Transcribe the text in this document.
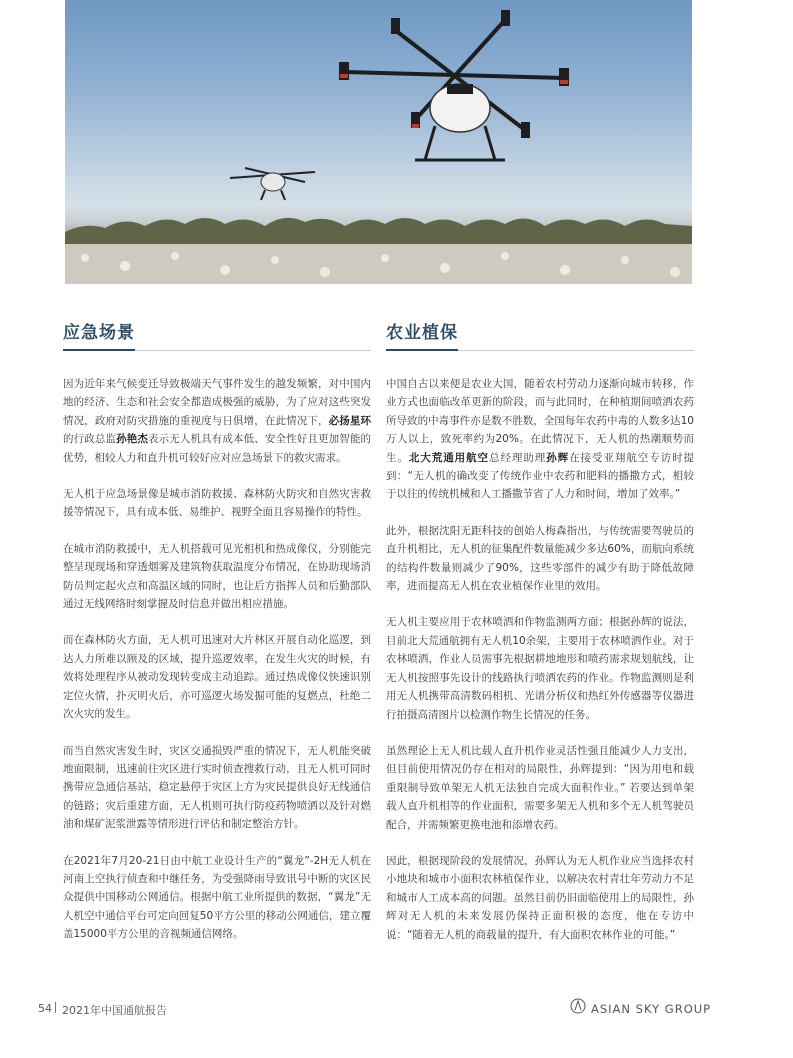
应急场景

因为近年来气候变迁导致极端天气事件发生的越发频繁，对中国内地的经济、生态和社会安全都造成极强的威胁，为了应对这些突发情况，政府对防灾措施的重视度与日俱增，在此情况下，必扬星环的行政总监孙艳杰表示无人机具有成本低、安全性好且更加智能的优势，相较人力和直升机可较好应对应急场景下的救灾需求。

无人机于应急场景像是城市消防救援、森林防火防灾和自然灾害救援等情况下，具有成本低、易维护、视野全面且容易操作的特性。

在城市消防救援中，无人机搭载可见光相机和热成像仪，分别能完整呈现现场和穿透烟雾及建筑物获取温度分布情况，在协助现场消防员判定起火点和高温区域的同时，也让后方指挥人员和后勤部队通过无线网络时刻掌握及时信息并做出相应措施。

而在森林防火方面，无人机可迅速对大片林区开展自动化巡逻，到达人力所难以顾及的区域，提升巡逻效率，在发生火灾的时候，有效将处理程序从被动发现转变成主动追踪。通过热成像仪快速识别定位火情，扑灭明火后，亦可巡逻火场发掘可能的复燃点，杜绝二次火灾的发生。

而当自然灾害发生时，灾区交通损毁严重的情况下，无人机能突破地面限制，迅速前往灾区进行实时侦查搜救行动，且无人机可同时携带应急通信基站，稳定悬停于灾区上方为灾民提供良好无线通信的链路；灾后重建方面，无人机则可执行防疫药物喷洒以及针对燃油和煤矿泥浆泄露等情形进行评估和制定整治方针。

在2021年7月20-21日由中航工业设计生产的“翼龙”-2H无人机在河南上空执行侦查和中继任务，为受强降雨导致讯号中断的灾区民众提供中国移动公网通信。根据中航工业所提供的数据，“翼龙”无人机空中通信平台可定向回复50平方公里的移动公网通信，建立覆盖15000平方公里的音视频通信网络。

农业植保

中国自古以来便是农业大国，随着农村劳动力逐渐向城市转移，作业方式也面临改革更新的阶段，而与此同时，在种植期间喷洒农药所导致的中毒事件亦是数不胜数，全国每年农药中毒的人数多达10万人以上，致死率约为20%。在此情况下，无人机的热潮顺势而生。北大荒通用航空总经理助理孙辉在接受亚翔航空专访时提到：“无人机的确改变了传统作业中农药和肥料的播撒方式，相较于以往的传统机械和人工播撒节省了人力和时间，增加了效率。”

此外，根据沈阳无距科技的创始人梅森指出，与传统需要驾驶员的直升机相比，无人机的征集配件数量能减少多达60%，而航向系统的结构件数量则减少了90%，这些零部件的减少有助于降低故障率，进而提高无人机在农业植保作业里的效用。

无人机主要应用于农林喷洒和作物监测两方面；根据孙辉的说法，目前北大荒通航拥有无人机10余架，主要用于农林喷洒作业。对于农林喷洒，作业人员需事先根据耕地地形和喷药需求规划航线，让无人机按照事先设计的线路执行喷洒农药的作业。作物监测则是利用无人机携带高清数码相机、光谱分析仪和热红外传感器等仪器进行拍摄高清图片以检测作物生长情况的任务。

虽然理论上无人机比载人直升机作业灵活性强且能减少人力支出，但目前使用情况仍存在相对的局限性，孙辉提到：“因为用电和载重限制导致单架无人机无法独自完成大面积作业。” 若要达到单架载人直升机相等的作业面积，需要多架无人机和多个无人机驾驶员配合，并需频繁更换电池和添增农药。

因此，根据现阶段的发展情况，孙辉认为无人机作业应当选择农村小地块和城市小面积农林植保作业，以解决农村青壮年劳动力不足和城市人工成本高的问题。虽然目前仍旧面临使用上的局限性，孙辉对无人机的未来发展仍保持正面积极的态度，他在专访中说：“随着无人机的商载量的提升，有大面积农林作业的可能。”

54 2021年中国通航报告	ASIAN SKY GROUP
